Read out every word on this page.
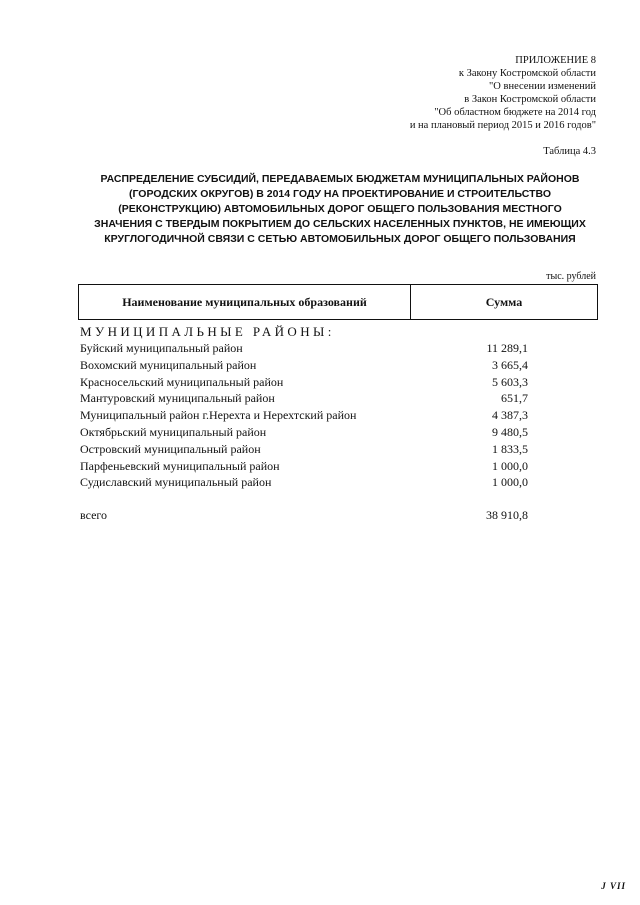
ПРИЛОЖЕНИЕ 8
к Закону Костромской области
"О внесении изменений
в Закон Костромской области
"Об областном бюджете на 2014 год
и на плановый период 2015 и 2016 годов"
Таблица 4.3
РАСПРЕДЕЛЕНИЕ СУБСИДИЙ, ПЕРЕДАВАЕМЫХ БЮДЖЕТАМ МУНИЦИПАЛЬНЫХ РАЙОНОВ
(ГОРОДСКИХ ОКРУГОВ) В 2014 ГОДУ НА ПРОЕКТИРОВАНИЕ И СТРОИТЕЛЬСТВО
(РЕКОНСТРУКЦИЮ) АВТОМОБИЛЬНЫХ ДОРОГ ОБЩЕГО ПОЛЬЗОВАНИЯ МЕСТНОГО
ЗНАЧЕНИЯ С ТВЕРДЫМ ПОКРЫТИЕМ ДО СЕЛЬСКИХ НАСЕЛЕННЫХ ПУНКТОВ, НЕ ИМЕЮЩИХ
КРУГЛОГОДИЧНОЙ СВЯЗИ С СЕТЬЮ АВТОМОБИЛЬНЫХ ДОРОГ ОБЩЕГО ПОЛЬЗОВАНИЯ
тыс. рублей
Наименование муниципальных образований	Сумма
МУНИЦИПАЛЬНЫЕ РАЙОНЫ:
Буйский муниципальный район	11 289,1
Вохомский муниципальный район	3 665,4
Красносельский муниципальный район	5 603,3
Мантуровский муниципальный район	651,7
Муниципальный район г.Нерехта и Нерехтский район	4 387,3
Октябрьский муниципальный район	9 480,5
Островский муниципальный район	1 833,5
Парфеньевский муниципальный район	1 000,0
Судиславский муниципальный район	1 000,0
всего	38 910,8
J VII
